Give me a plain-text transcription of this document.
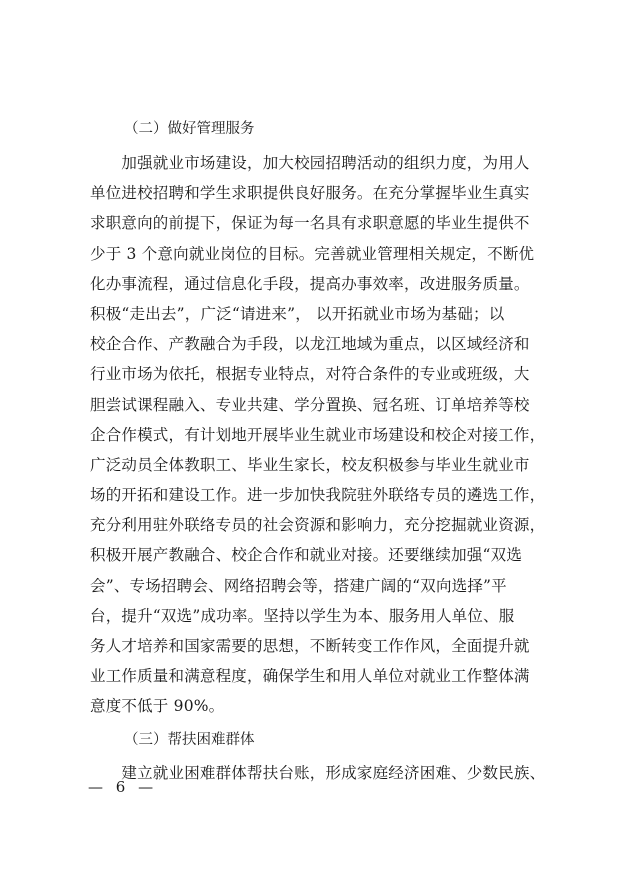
（二）做好管理服务
　　加强就业市场建设，加大校园招聘活动的组织力度，为用人
单位进校招聘和学生求职提供良好服务。在充分掌握毕业生真实
求职意向的前提下，保证为每一名具有求职意愿的毕业生提供不
少于 3 个意向就业岗位的目标。完善就业管理相关规定，不断优
化办事流程，通过信息化手段，提高办事效率，改进服务质量。
积极“走出去”，广泛“请进来”， 以开拓就业市场为基础；以
校企合作、产教融合为手段，以龙江地域为重点，以区域经济和
行业市场为依托，根据专业特点，对符合条件的专业或班级，大
胆尝试课程融入、专业共建、学分置换、冠名班、订单培养等校
企合作模式，有计划地开展毕业生就业市场建设和校企对接工作，
广泛动员全体教职工、毕业生家长，校友积极参与毕业生就业市
场的开拓和建设工作。进一步加快我院驻外联络专员的遴选工作，
充分利用驻外联络专员的社会资源和影响力，充分挖掘就业资源，
积极开展产教融合、校企合作和就业对接。还要继续加强“双选
会”、专场招聘会、网络招聘会等，搭建广阔的“双向选择”平
台，提升“双选”成功率。坚持以学生为本、服务用人单位、服
务人才培养和国家需要的思想，不断转变工作作风，全面提升就
业工作质量和满意程度，确保学生和用人单位对就业工作整体满
意度不低于 90%。
（三）帮扶困难群体
　　建立就业困难群体帮扶台账，形成家庭经济困难、少数民族、
— 6 —
